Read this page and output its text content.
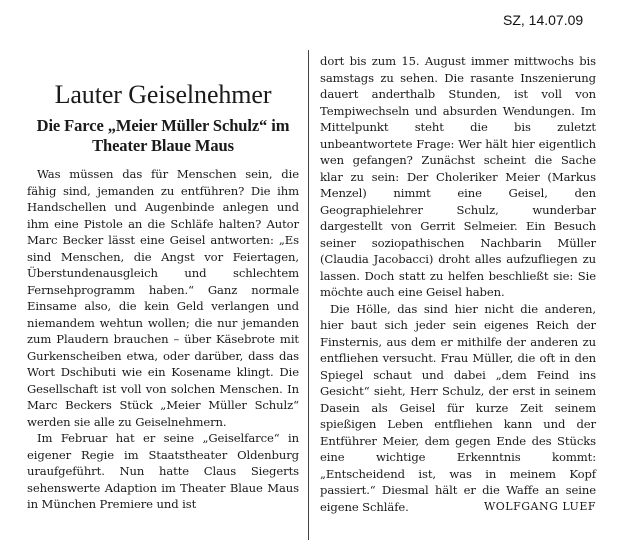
SZ, 14.07.09
Lauter Geiselnehmer
Die Farce „Meier Müller Schulz“ im Theater Blaue Maus

Was müssen das für Menschen sein, die fähig sind, jemanden zu entführen? Die ihm Handschellen und Augenbinde anlegen und ihm eine Pistole an die Schläfe halten? Autor Marc Becker lässt eine Geisel antworten: „Es sind Menschen, die Angst vor Feiertagen, Überstundenausgleich und schlechtem Fernsehprogramm haben.“ Ganz normale Einsame also, die kein Geld verlangen und niemandem wehtun wollen; die nur jemanden zum Plaudern brauchen – über Käsebrote mit Gurkenscheiben etwa, oder darüber, dass das Wort Dschibuti wie ein Kosename klingt. Die Gesellschaft ist voll von solchen Menschen. In Marc Beckers Stück „Meier Müller Schulz“ werden sie alle zu Geiselnehmern.

Im Februar hat er seine „Geiselfarce“ in eigener Regie im Staatstheater Oldenburg uraufgeführt. Nun hatte Claus Siegerts sehenswerte Adaption im Theater Blaue Maus in München Premiere und ist

dort bis zum 15. August immer mittwochs bis samstags zu sehen. Die rasante Inszenierung dauert anderthalb Stunden, ist voll von Tempiwechseln und absurden Wendungen. Im Mittelpunkt steht die bis zuletzt unbeantwortete Frage: Wer hält hier eigentlich wen gefangen? Zunächst scheint die Sache klar zu sein: Der Choleriker Meier (Markus Menzel) nimmt eine Geisel, den Geographielehrer Schulz, wunderbar dargestellt von Gerrit Selmeier. Ein Besuch seiner soziopathischen Nachbarin Müller (Claudia Jacobacci) droht alles aufzufliegen zu lassen. Doch statt zu helfen beschließt sie: Sie möchte auch eine Geisel haben.

Die Hölle, das sind hier nicht die anderen, hier baut sich jeder sein eigenes Reich der Finsternis, aus dem er mithilfe der anderen zu entfliehen versucht. Frau Müller, die oft in den Spiegel schaut und dabei „dem Feind ins Gesicht“ sieht, Herr Schulz, der erst in seinem Dasein als Geisel für kurze Zeit seinem spießigen Leben entfliehen kann und der Entführer Meier, dem gegen Ende des Stücks eine wichtige Erkenntnis kommt: „Entscheidend ist, was in meinem Kopf passiert.“ Diesmal hält er die Waffe an seine eigene Schläfe.	WOLFGANG LUEF
